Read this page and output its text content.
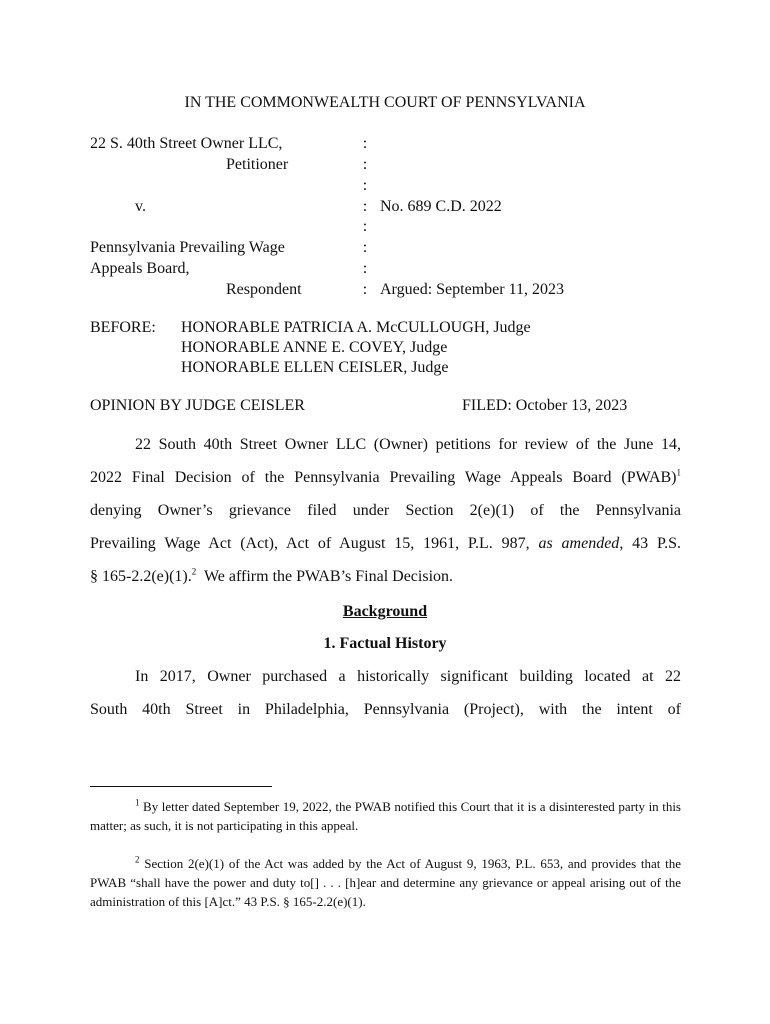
IN THE COMMONWEALTH COURT OF PENNSYLVANIA
22 S. 40th Street Owner LLC,
Petitioner
v.
Pennsylvania Prevailing Wage
Appeals Board,
Respondent
:
:
:
:
:
:
:
:
No. 689 C.D. 2022
Argued: September 11, 2023
BEFORE: HONORABLE PATRICIA A. McCULLOUGH, Judge
HONORABLE ANNE E. COVEY, Judge
HONORABLE ELLEN CEISLER, Judge
OPINION BY JUDGE CEISLER	FILED: October 13, 2023
22 South 40th Street Owner LLC (Owner) petitions for review of the June 14,
2022 Final Decision of the Pennsylvania Prevailing Wage Appeals Board (PWAB)$^1$
denying Owner’s grievance filed under Section 2(e)(1) of the Pennsylvania
Prevailing Wage Act (Act), Act of August 15, 1961, P.L. 987, as amended, 43 P.S.
§ 165-2.2(e)(1).$^2$  We affirm the PWAB’s Final Decision.
Background
1. Factual History
In 2017, Owner purchased a historically significant building located at 22
South 40th Street in Philadelphia, Pennsylvania (Project), with the intent of

$^1$ By letter dated September 19, 2022, the PWAB notified this Court that it is a disinterested party in this matter; as such, it is not participating in this appeal.

$^2$ Section 2(e)(1) of the Act was added by the Act of August 9, 1963, P.L. 653, and provides that the PWAB “shall have the power and duty to[] . . . [h]ear and determine any grievance or appeal arising out of the administration of this [A]ct.” 43 P.S. § 165-2.2(e)(1).
